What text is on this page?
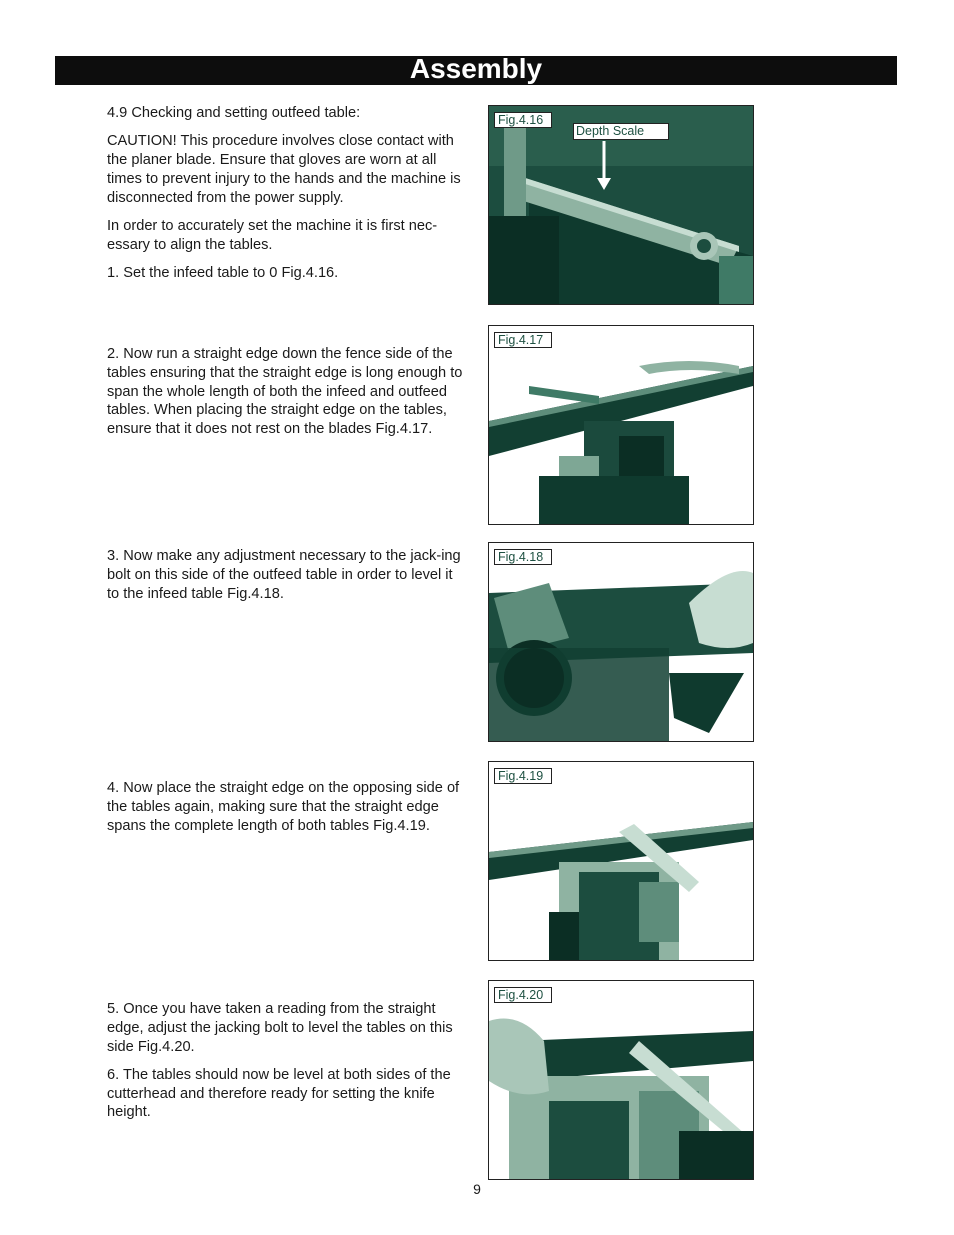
Assembly

4.9 Checking and setting outfeed table:

CAUTION! This procedure involves close contact with the planer blade. Ensure that gloves are worn at all times to prevent injury to the hands and the machine is disconnected from the power supply.

In order to accurately set the machine it is first nec-essary to align the tables.

1. Set the infeed table to 0 Fig.4.16.

2. Now run a straight edge down the fence side of the tables ensuring that the straight edge is long enough to span the whole length of both the infeed and outfeed tables. When placing the straight edge on the tables, ensure that it does not rest on the blades Fig.4.17.

3. Now make any adjustment necessary to the jack-ing bolt on this side of the outfeed table in order to level it to the infeed table Fig.4.18.

4. Now place the straight edge on the opposing side of the tables again, making sure that the straight edge spans the complete length of both tables Fig.4.19.

5. Once you have taken a reading from the straight edge, adjust the jacking bolt to level the tables on this side Fig.4.20.

6. The tables should now be level at both sides of the cutterhead and therefore ready for setting the knife height.

Fig.4.16
Depth Scale
Fig.4.17
Fig.4.18
Fig.4.19
Fig.4.20
9
